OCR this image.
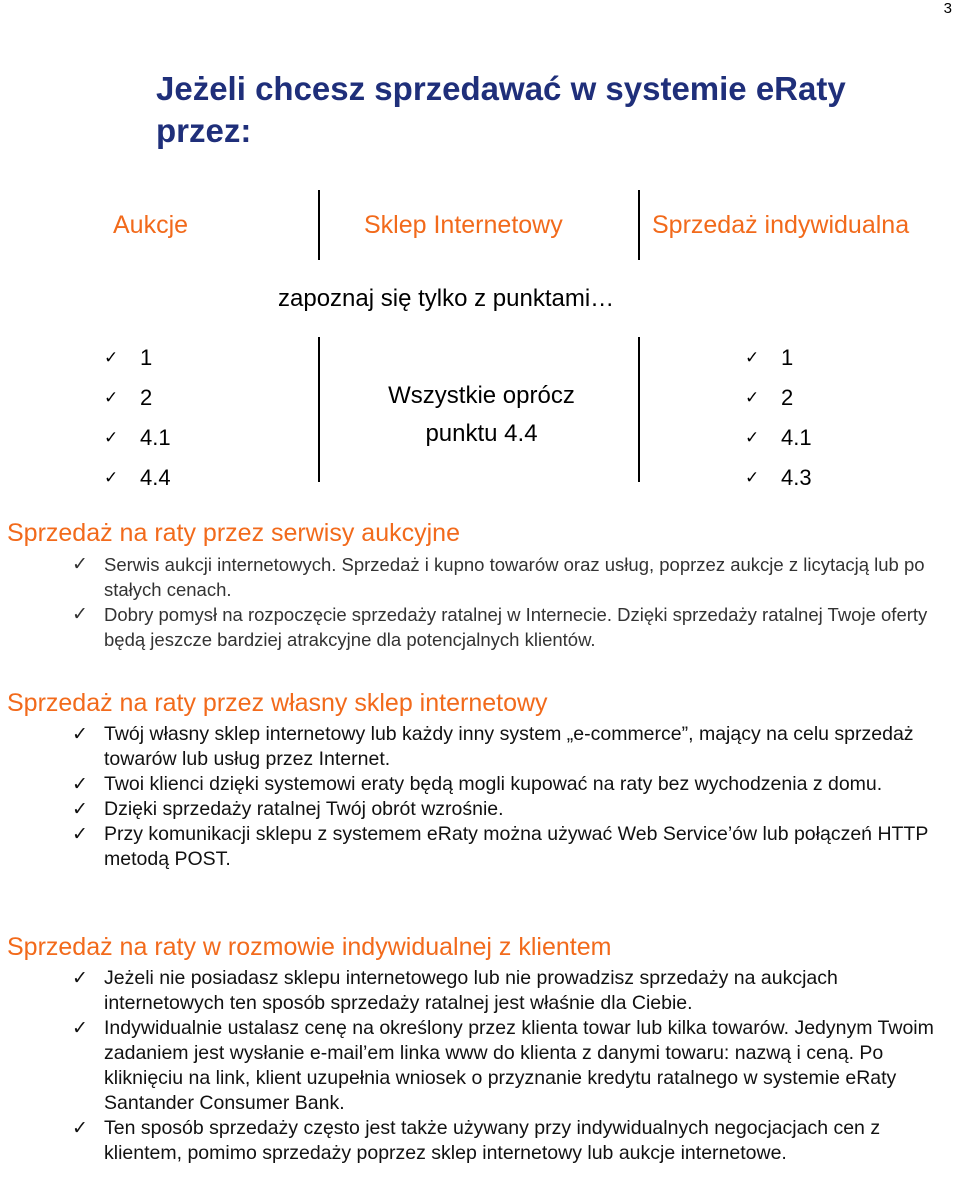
3
Jeżeli chcesz sprzedawać w systemie eRaty przez:
Aukcje	Sklep Internetowy	Sprzedaż indywidualna
zapoznaj się tylko z punktami…
✓ 1
✓ 2
✓ 4.1
✓ 4.4
Wszystkie oprócz
punktu 4.4
✓ 1
✓ 2
✓ 4.1
✓ 4.3
Sprzedaż na raty przez serwisy aukcyjne
✓ Serwis aukcji internetowych. Sprzedaż i kupno towarów oraz usług, poprzez aukcje z licytacją lub po stałych cenach.
✓ Dobry pomysł na rozpoczęcie sprzedaży ratalnej w Internecie. Dzięki sprzedaży ratalnej Twoje oferty będą jeszcze bardziej atrakcyjne dla potencjalnych klientów.
Sprzedaż na raty przez własny sklep internetowy
✓ Twój własny sklep internetowy lub każdy inny system „e-commerce”, mający na celu sprzedaż towarów lub usług przez Internet.
✓ Twoi klienci dzięki systemowi eraty będą mogli kupować na raty bez wychodzenia z domu.
✓ Dzięki sprzedaży ratalnej Twój obrót wzrośnie.
✓ Przy komunikacji sklepu z systemem eRaty można używać Web Service’ów lub połączeń HTTP metodą POST.
Sprzedaż na raty w rozmowie indywidualnej z klientem
✓ Jeżeli nie posiadasz sklepu internetowego lub nie prowadzisz sprzedaży na aukcjach internetowych ten sposób sprzedaży ratalnej jest właśnie dla Ciebie.
✓ Indywidualnie ustalasz cenę na określony przez klienta towar lub kilka towarów. Jedynym Twoim zadaniem jest wysłanie e-mail’em linka www do klienta z danymi towaru: nazwą i ceną. Po kliknięciu na link, klient uzupełnia wniosek o przyznanie kredytu ratalnego w systemie eRaty Santander Consumer Bank.
✓ Ten sposób sprzedaży często jest także używany przy indywidualnych negocjacjach cen z klientem, pomimo sprzedaży poprzez sklep internetowy lub aukcje internetowe.
